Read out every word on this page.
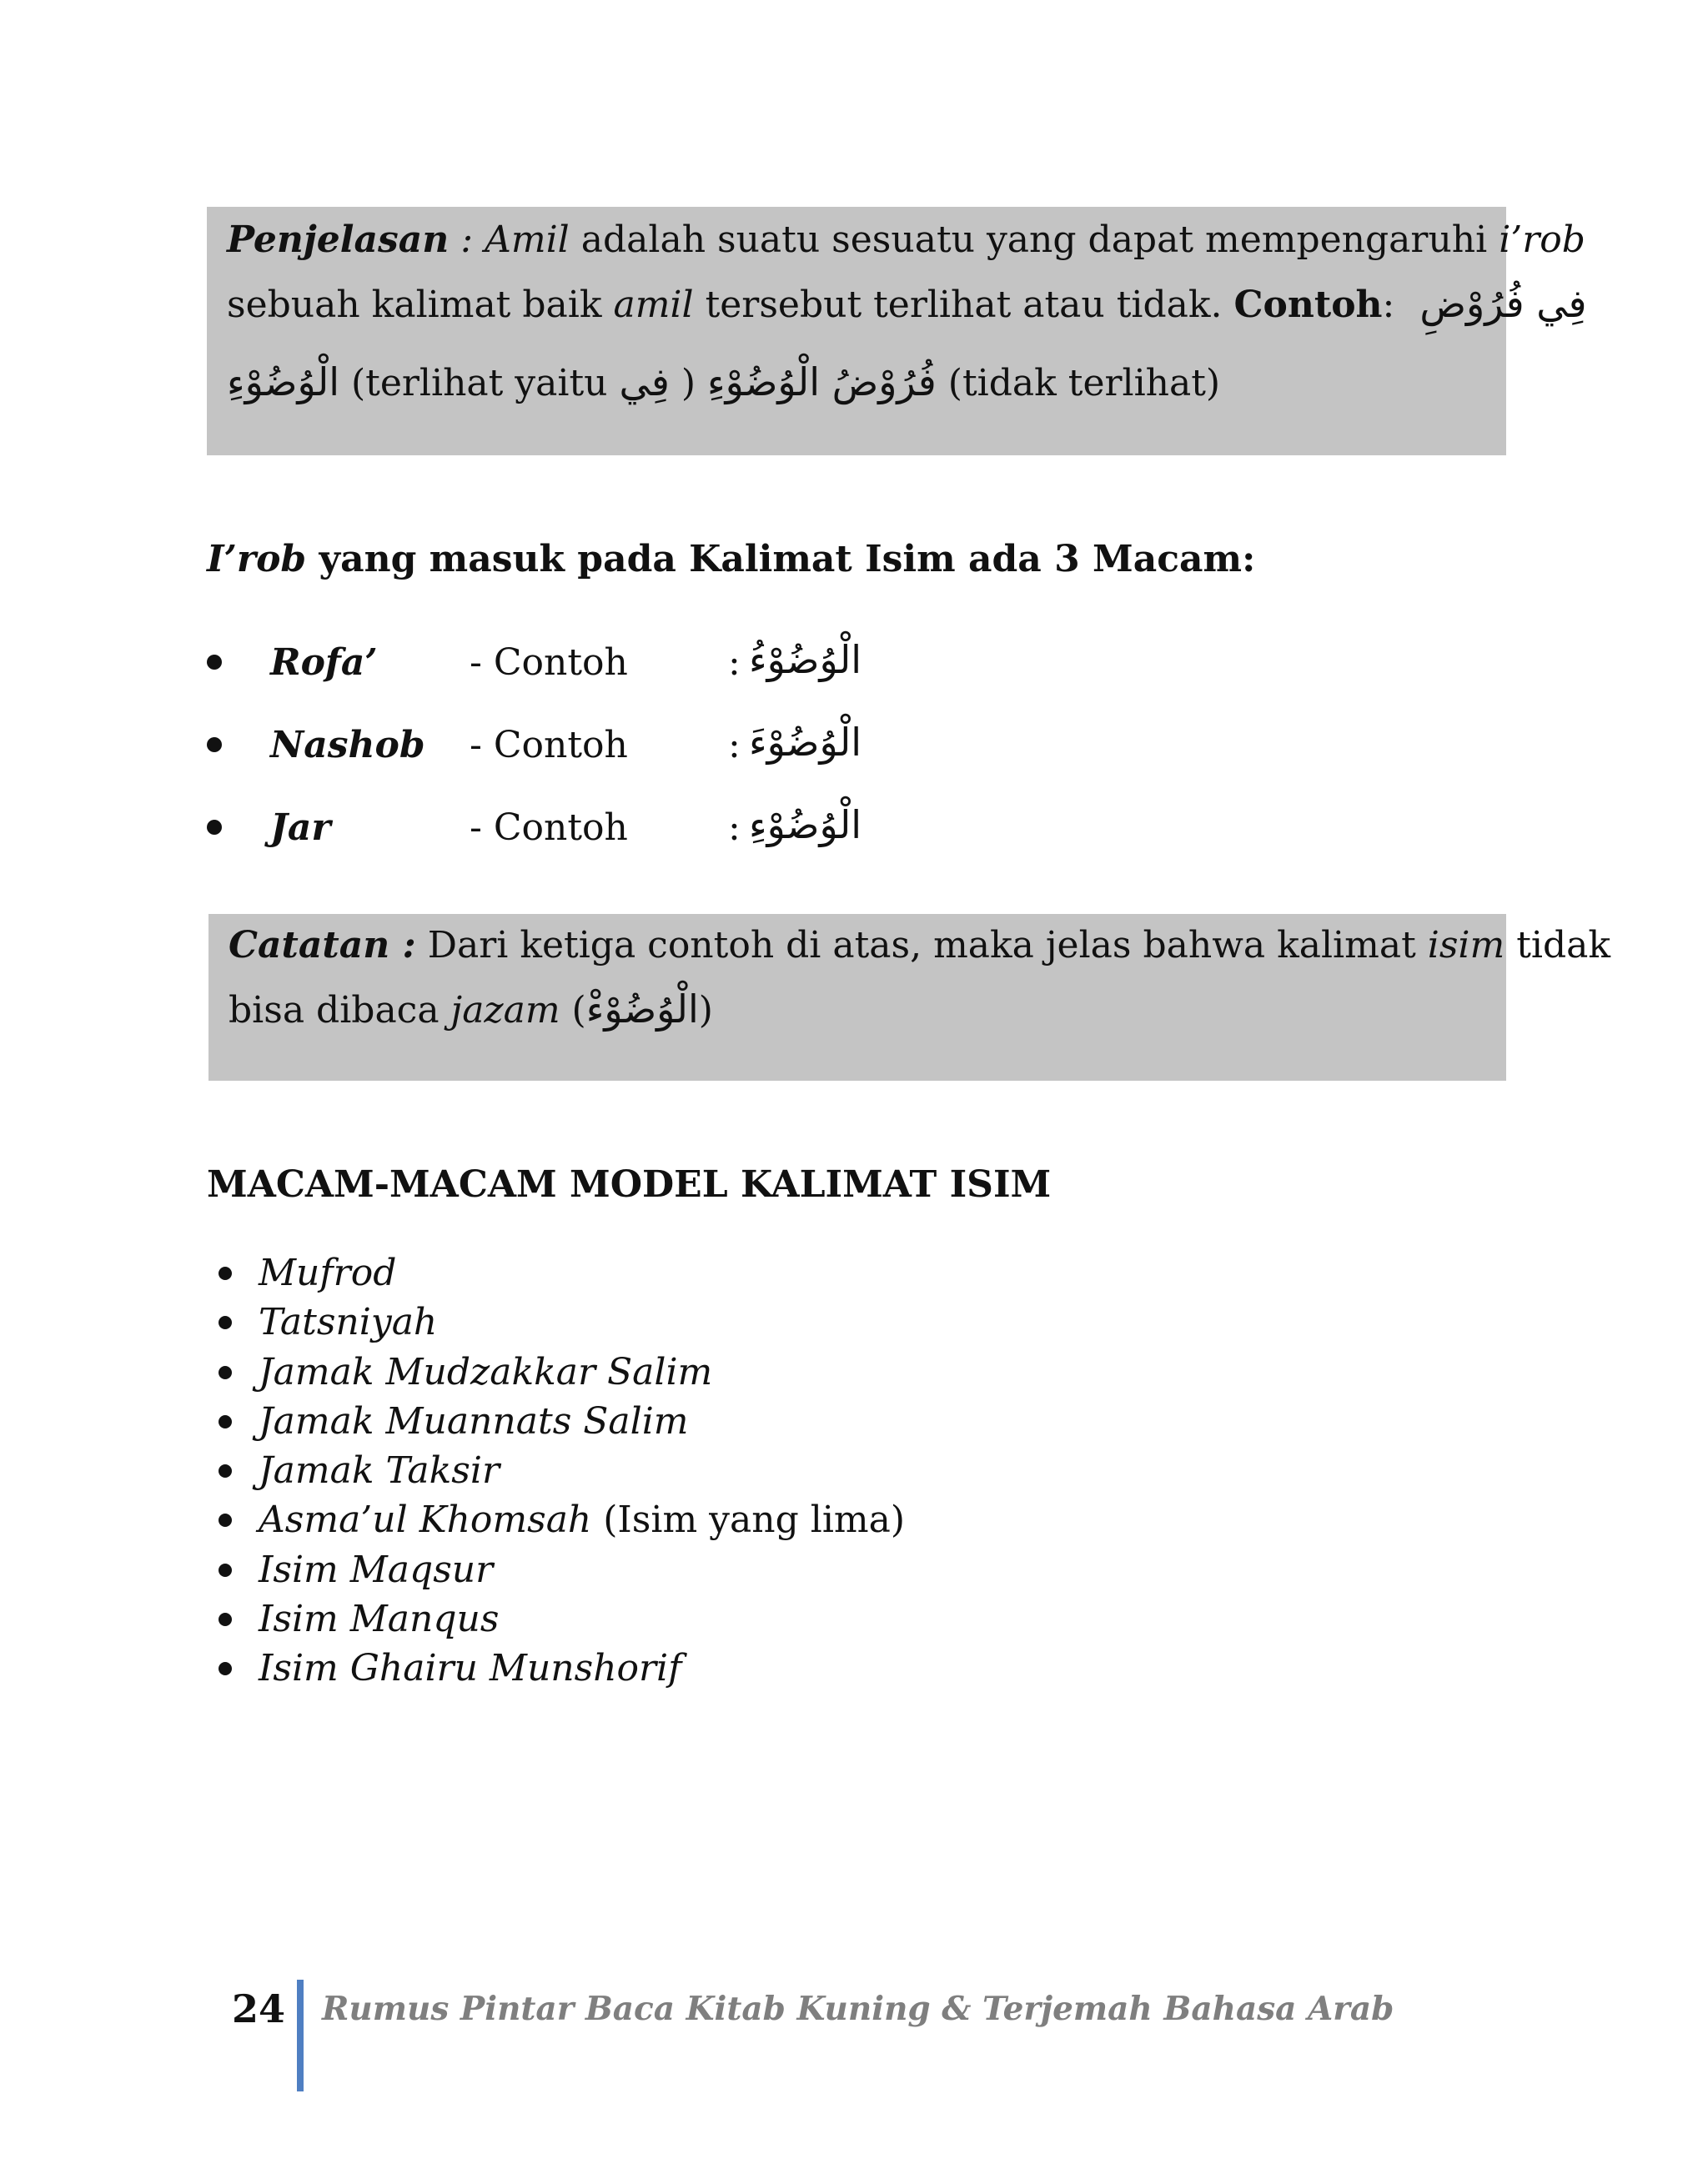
Penjelasan : Amil adalah suatu sesuatu yang dapat mempengaruhi i’rob
sebuah kalimat baik amil tersebut terlihat atau tidak. Contoh: فِي فُرُوْضِ
الْوُضُوْءِ (terlihat yaitu فِي ) فُرُوْضُ الْوُضُوْءِ (tidak terlihat)
I’rob yang masuk pada Kalimat Isim ada 3 Macam:
Rofa’	- Contoh	: الْوُضُوْءُ
Nashob - Contoh	: الْوُضُوْءَ
Jar	- Contoh	: الْوُضُوْءِ
Catatan : Dari ketiga contoh di atas, maka jelas bahwa kalimat isim tidak
bisa dibaca jazam (الْوُضُوْءْ)
MACAM-MACAM MODEL KALIMAT ISIM
Mufrod
Tatsniyah
Jamak Mudzakkar Salim
Jamak Muannats Salim
Jamak Taksir
Asma’ul Khomsah (Isim yang lima)
Isim Maqsur
Isim Manqus
Isim Ghairu Munshorif
24 Rumus Pintar Baca Kitab Kuning & Terjemah Bahasa Arab
